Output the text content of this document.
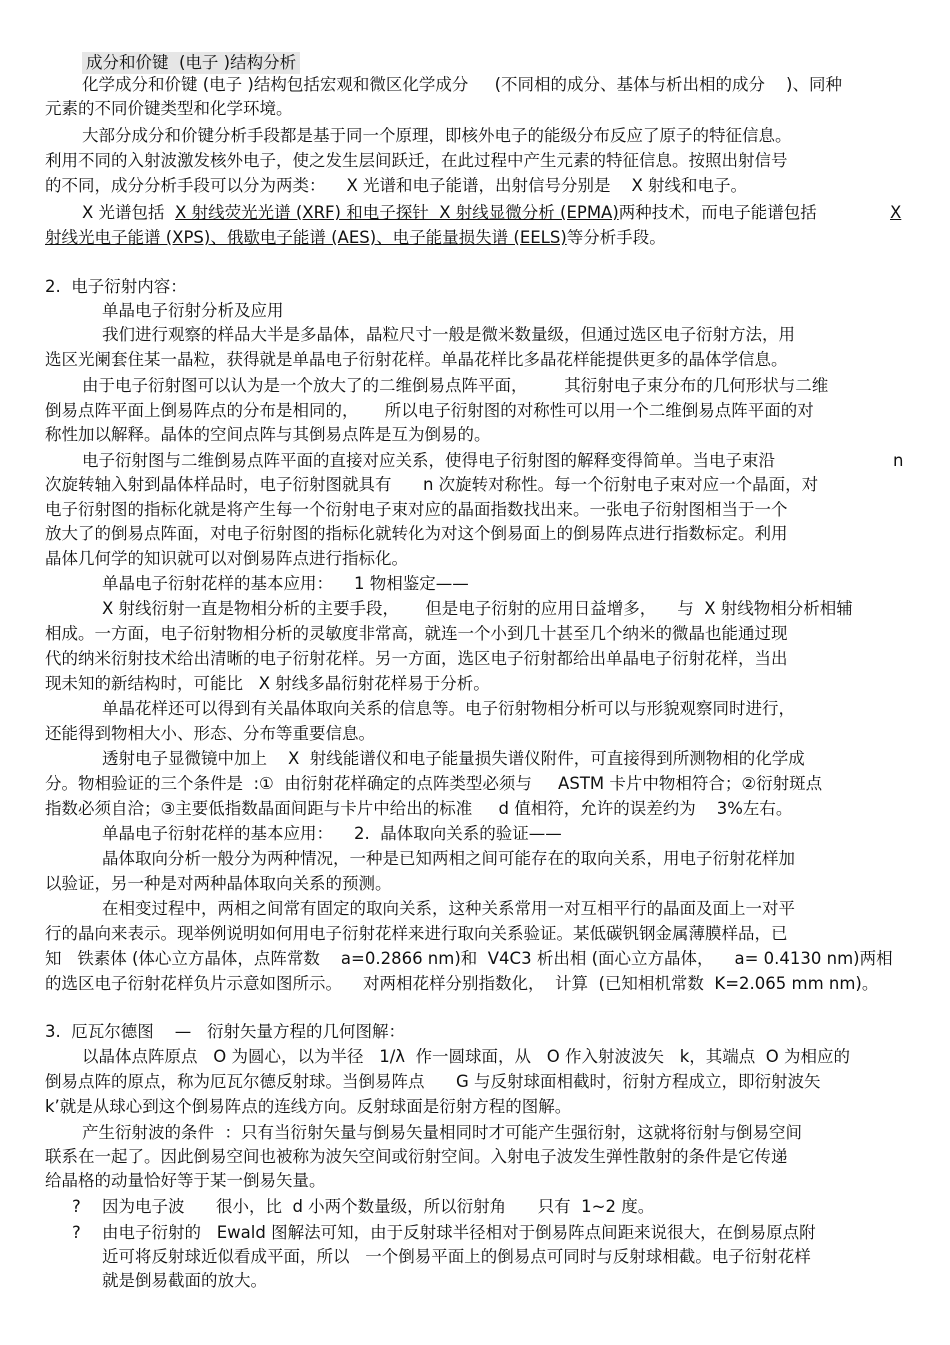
成分和价键  (电子 )结构分析
化学成分和价键 (电子 )结构包括宏观和微区化学成分     (不同相的成分、基体与析出相的成分    )、同种
元素的不同价键类型和化学环境。
大部分成分和价键分析手段都是基于同一个原理，即核外电子的能级分布反应了原子的特征信息。
利用不同的入射波激发核外电子，使之发生层间跃迁，在此过程中产生元素的特征信息。按照出射信号
的不同，成分分析手段可以分为两类：    X 光谱和电子能谱，出射信号分别是    X 射线和电子。
X 光谱包括  X 射线荧光光谱 (XRF) 和电子探针  X 射线显微分析 (EPMA)两种技术，而电子能谱包括	X
射线光电子能谱 (XPS)、俄歇电子能谱 (AES)、电子能量损失谱 (EELS)等分析手段。
2.  电子衍射内容：
单晶电子衍射分析及应用
我们进行观察的样品大半是多晶体，晶粒尺寸一般是微米数量级，但通过选区电子衍射方法，用
选区光阑套住某一晶粒，获得就是单晶电子衍射花样。单晶花样比多晶花样能提供更多的晶体学信息。
由于电子衍射图可以认为是一个放大了的二维倒易点阵平面，       其衍射电子束分布的几何形状与二维
倒易点阵平面上倒易阵点的分布是相同的，     所以电子衍射图的对称性可以用一个二维倒易点阵平面的对
称性加以解释。晶体的空间点阵与其倒易点阵是互为倒易的。
电子衍射图与二维倒易点阵平面的直接对应关系，使得电子衍射图的解释变得简单。当电子束沿	n
次旋转轴入射到晶体样品时，电子衍射图就具有      n 次旋转对称性。每一个衍射电子束对应一个晶面，对
电子衍射图的指标化就是将产生每一个衍射电子束对应的晶面指数找出来。一张电子衍射图相当于一个
放大了的倒易点阵面，对电子衍射图的指标化就转化为对这个倒易面上的倒易阵点进行指数标定。利用
晶体几何学的知识就可以对倒易阵点进行指标化。
单晶电子衍射花样的基本应用：    1 物相鉴定——
X 射线衍射一直是物相分析的主要手段，     但是电子衍射的应用日益增多，    与  X 射线物相分析相辅
相成。一方面，电子衍射物相分析的灵敏度非常高，就连一个小到几十甚至几个纳米的微晶也能通过现
代的纳米衍射技术给出清晰的电子衍射花样。另一方面，选区电子衍射都给出单晶电子衍射花样，当出
现未知的新结构时，可能比   X 射线多晶衍射花样易于分析。
单晶花样还可以得到有关晶体取向关系的信息等。电子衍射物相分析可以与形貌观察同时进行，
还能得到物相大小、形态、分布等重要信息。
透射电子显微镜中加上    X  射线能谱仪和电子能量损失谱仪附件，可直接得到所测物相的化学成
分。物相验证的三个条件是  :①  由衍射花样确定的点阵类型必须与     ASTM 卡片中物相符合；②衍射斑点
指数必须自洽；③主要低指数晶面间距与卡片中给出的标准     d 值相符，允许的误差约为    3%左右。
单晶电子衍射花样的基本应用：    2.  晶体取向关系的验证——
晶体取向分析一般分为两种情况，一种是已知两相之间可能存在的取向关系，用电子衍射花样加
以验证，另一种是对两种晶体取向关系的预测。
在相变过程中，两相之间常有固定的取向关系，这种关系常用一对互相平行的晶面及面上一对平
行的晶向来表示。现举例说明如何用电子衍射花样来进行取向关系验证。某低碳钒钢金属薄膜样品，已
知   铁素体 (体心立方晶体，点阵常数    a=0.2866 nm)和  V4C3 析出相 (面心立方晶体，    a= 0.4130 nm)两相
的选区电子衍射花样负片示意如图所示。    对两相花样分别指数化，  计算  (已知相机常数  K=2.065 mm nm)。
3.  厄瓦尔德图    —   衍射矢量方程的几何图解：
以晶体点阵原点   O 为圆心，以为半径   1/λ  作一圆球面，从   O 作入射波波矢   k，其端点  O 为相应的
倒易点阵的原点，称为厄瓦尔德反射球。当倒易阵点      G 与反射球面相截时，衍射方程成立，即衍射波矢
k’就是从球心到这个倒易阵点的连线方向。反射球面是衍射方程的图解。
产生衍射波的条件  ：只有当衍射矢量与倒易矢量相同时才可能产生强衍射，这就将衍射与倒易空间
联系在一起了。因此倒易空间也被称为波矢空间或衍射空间。入射电子波发生弹性散射的条件是它传递
给晶格的动量恰好等于某一倒易矢量。
? 因为电子波      很小，比  d 小两个数量级，所以衍射角      只有  1~2 度。
? 由电子衍射的   Ewald 图解法可知，由于反射球半径相对于倒易阵点间距来说很大，在倒易原点附
近可将反射球近似看成平面，所以   一个倒易平面上的倒易点可同时与反射球相截。电子衍射花样
就是倒易截面的放大。
